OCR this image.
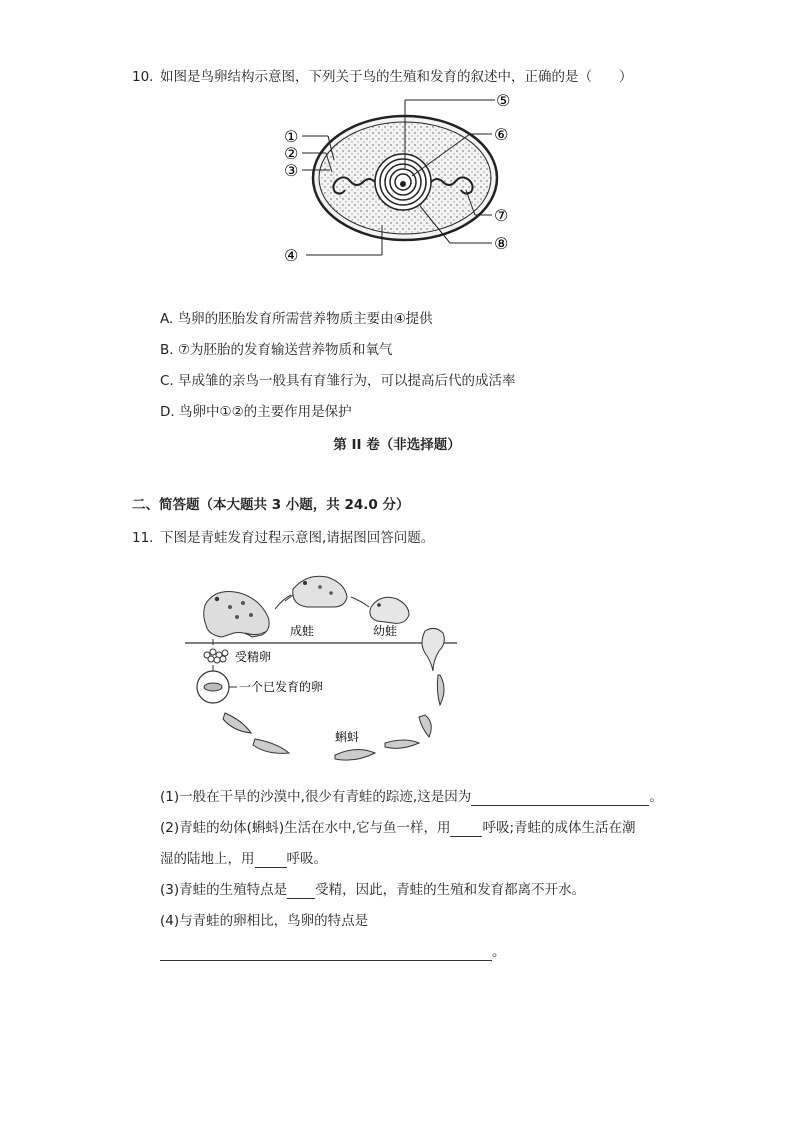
10. 如图是鸟卵结构示意图，下列关于鸟的生殖和发育的叙述中，正确的是（　　）
①
②
③
④
⑤
⑥
⑦
⑧
A. 鸟卵的胚胎发育所需营养物质主要由④提供
B. ⑦为胚胎的发育输送营养物质和氧气
C. 早成雏的亲鸟一般具有育雏行为，可以提高后代的成活率
D. 鸟卵中①②的主要作用是保护
第 II 卷（非选择题）
二、简答题（本大题共 3 小题，共 24.0 分）
11. 下图是青蛙发育过程示意图,请据图回答问题。
成蛙	幼蛙
受精卵
一个已发育的卵
蝌蚪
(1)一般在干旱的沙漠中,很少有青蛙的踪迹,这是因为	。
(2)青蛙的幼体(蝌蚪)生活在水中,它与鱼一样，用 呼吸;青蛙的成体生活在潮
湿的陆地上，用 呼吸。
(3)青蛙的生殖特点是 受精，因此，青蛙的生殖和发育都离不开水。
(4)与青蛙的卵相比，鸟卵的特点是
。
